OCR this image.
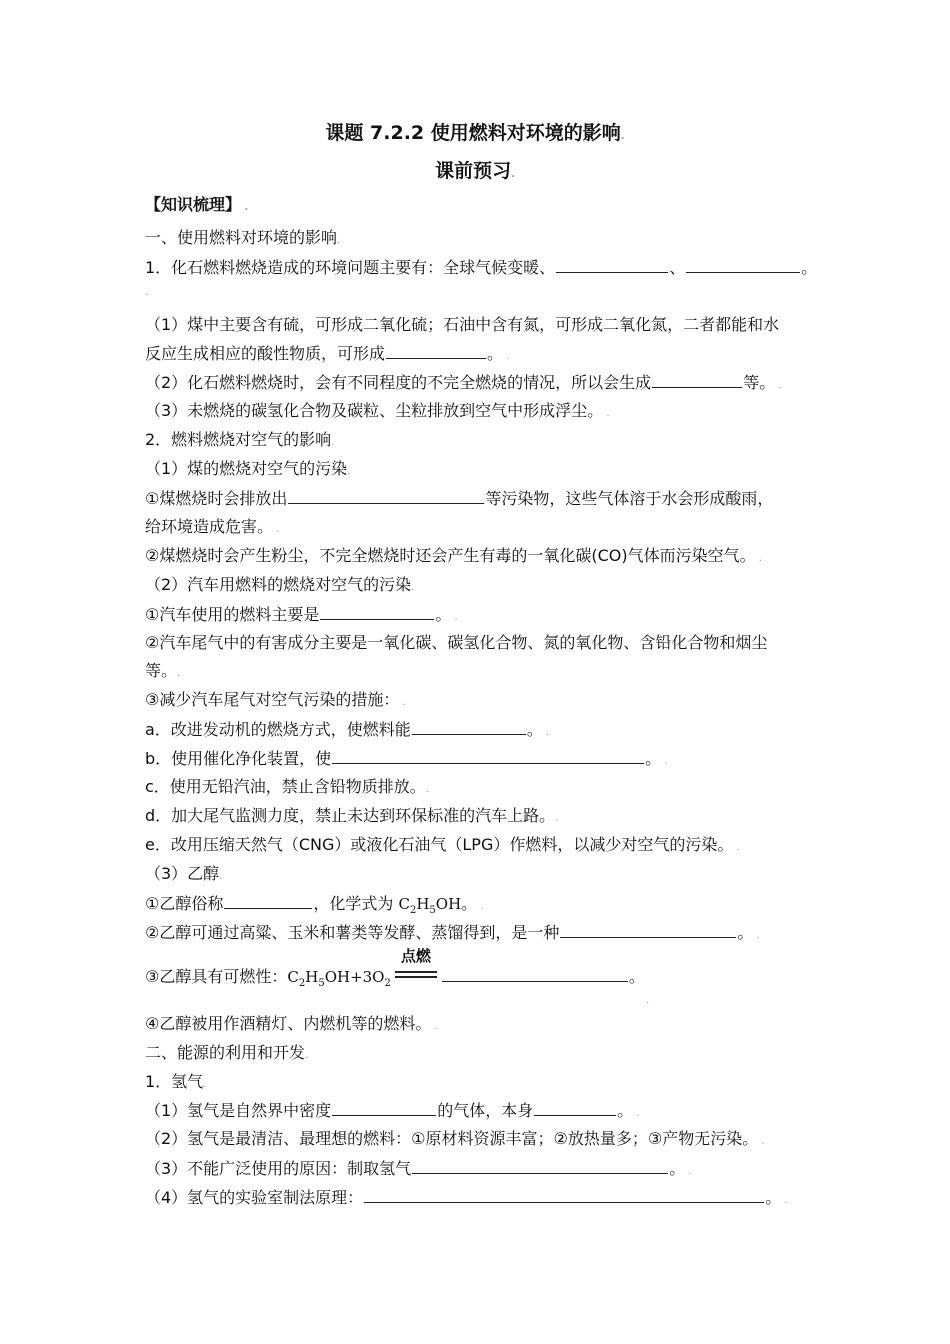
课题 7.2.2 使用燃料对环境的影响.
课前预习.
【知识梳理】 .
一、使用燃料对环境的影响.
1．化石燃料燃烧造成的环境问题主要有：全球气候变暖、	、	。
.
（1）煤中主要含有硫，可形成二氧化硫；石油中含有氮，可形成二氧化氮，二者都能和水
反应生成相应的酸性物质，可形成	。 .
（2）化石燃料燃烧时，会有不同程度的不完全燃烧的情况，所以会生成	等。 .
（3）未燃烧的碳氢化合物及碳粒、尘粒排放到空气中形成浮尘。 .
2．燃料燃烧对空气的影响.
（1）煤的燃烧对空气的污染.
①煤燃烧时会排放出	等污染物，这些气体溶于水会形成酸雨，
给环境造成危害。 .
②煤燃烧时会产生粉尘，不完全燃烧时还会产生有毒的一氧化碳(CO)气体而污染空气。 .
（2）汽车用燃料的燃烧对空气的污染.
①汽车使用的燃料主要是	。 .
②汽车尾气中的有害成分主要是一氧化碳、碳氢化合物、氮的氧化物、含铅化合物和烟尘
等。.
③减少汽车尾气对空气污染的措施： .
a．改进发动机的燃烧方式，使燃料能	。 .
b．使用催化净化装置，使	。 .
c．使用无铅汽油，禁止含铅物质排放。.
d．加大尾气监测力度，禁止未达到环保标准的汽车上路。.
e．改用压缩天然气（CNG）或液化石油气（LPG）作燃料，以减少对空气的污染。 .
（3）乙醇.
①乙醇俗称	，化学式为 $C_2H_5OH$。 .
②乙醇可通过高粱、玉米和薯类等发酵、蒸馏得到，是一种	。 .
③乙醇具有可燃性：$C_2H_5OH+3O_2$
点燃
。
.
④乙醇被用作酒精灯、内燃机等的燃料。 .
二、能源的利用和开发.
1．氢气.
（1）氢气是自然界中密度	的气体，本身	。 .
（2）氢气是最清洁、最理想的燃料：①原材料资源丰富；②放热量多；③产物无污染。 .
（3）不能广泛使用的原因：制取氢气	。 .
（4）氢气的实验室制法原理：	。 .
